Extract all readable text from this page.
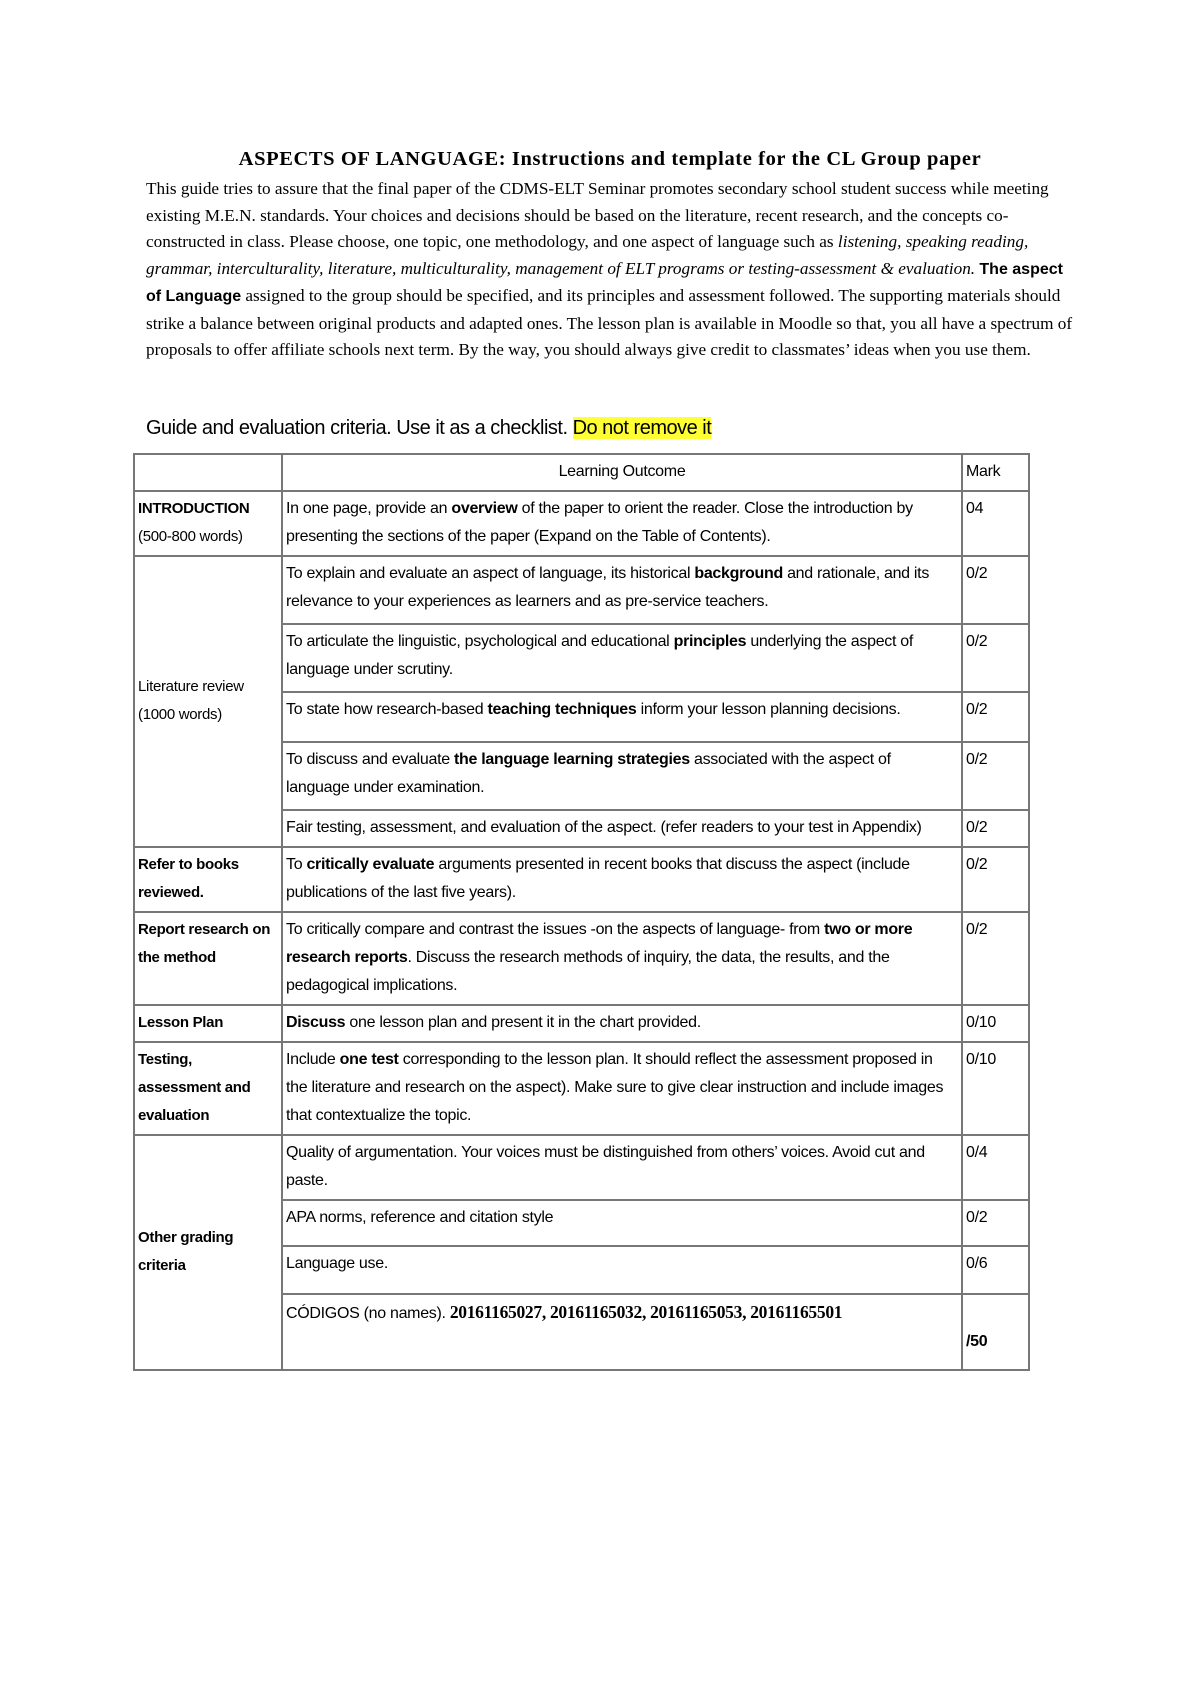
ASPECTS OF LANGUAGE: Instructions and template for the CL Group paper

This guide tries to assure that the final paper of the CDMS-ELT Seminar promotes secondary school student success while meeting existing M.E.N. standards. Your choices and decisions should be based on the literature, recent research, and the concepts co-constructed in class. Please choose, one topic, one methodology, and one aspect of language such as listening, speaking reading, grammar, interculturality, literature, multiculturality, management of ELT programs or testing-assessment & evaluation. The aspect of Language assigned to the group should be specified, and its principles and assessment followed. The supporting materials should strike a balance between original products and adapted ones. The lesson plan is available in Moodle so that, you all have a spectrum of proposals to offer affiliate schools next term. By the way, you should always give credit to classmates’ ideas when you use them.

Guide and evaluation criteria. Use it as a checklist. Do not remove it

	Learning Outcome	Mark
INTRODUCTION
(500-800 words)	In one page, provide an overview of the paper to orient the reader. Close the introduction by presenting the sections of the paper (Expand on the Table of Contents).	04
Literature review
(1000 words)	To explain and evaluate an aspect of language, its historical background and rationale, and its relevance to your experiences as learners and as pre-service teachers.	0/2
	To articulate the linguistic, psychological and educational principles underlying the aspect of language under scrutiny.	0/2
	To state how research-based teaching techniques inform your lesson planning decisions.	0/2
	To discuss and evaluate the language learning strategies associated with the aspect of language under examination.	0/2
	Fair testing, assessment, and evaluation of the aspect. (refer readers to your test in Appendix)	0/2
Refer to books reviewed.	To critically evaluate arguments presented in recent books that discuss the aspect (include publications of the last five years).	0/2
Report research on the method	To critically compare and contrast the issues -on the aspects of language- from two or more research reports. Discuss the research methods of inquiry, the data, the results, and the pedagogical implications.	0/2
Lesson Plan	Discuss one lesson plan and present it in the chart provided.	0/10
Testing, assessment and evaluation	Include one test corresponding to the lesson plan. It should reflect the assessment proposed in the literature and research on the aspect). Make sure to give clear instruction and include images that contextualize the topic.	0/10
Other grading criteria	Quality of argumentation. Your voices must be distinguished from others’ voices. Avoid cut and paste.	0/4
	APA norms, reference and citation style	0/2
	Language use.	0/6
	CÓDIGOS (no names). 20161165027, 20161165032, 20161165053, 20161165501	/50
